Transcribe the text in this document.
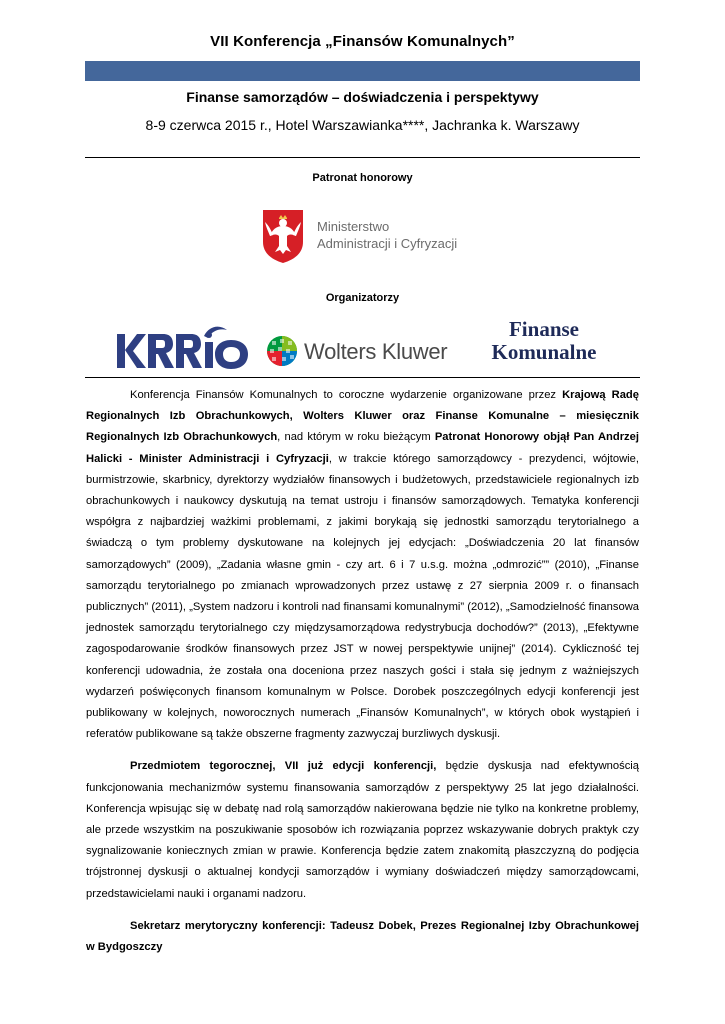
VII Konferencja „Finansów Komunalnych”
Finanse samorządów – doświadczenia i perspektywy
8-9 czerwca 2015 r., Hotel Warszawianka****, Jachranka k. Warszawy
Patronat honorowy
Ministerstwo
Administracji i Cyfryzacji
Organizatorzy
Wolters Kluwer
Finanse
Komunalne

Konferencja Finansów Komunalnych to coroczne wydarzenie organizowane przez Krajową Radę Regionalnych Izb Obrachunkowych, Wolters Kluwer oraz Finanse Komunalne – miesięcznik Regionalnych Izb Obrachunkowych, nad którym w roku bieżącym Patronat Honorowy objął Pan Andrzej Halicki - Minister Administracji i Cyfryzacji, w trakcie którego samorządowcy - prezydenci, wójtowie, burmistrzowie, skarbnicy, dyrektorzy wydziałów finansowych i budżetowych, przedstawiciele regionalnych izb obrachunkowych i naukowcy dyskutują na temat ustroju i finansów samorządowych. Tematyka konferencji współgra z najbardziej ważkimi problemami, z jakimi borykają się jednostki samorządu terytorialnego a świadczą o tym problemy dyskutowane na kolejnych jej edycjach: „Doświadczenia 20 lat finansów samorządowych” (2009), „Zadania własne gmin - czy art. 6 i 7 u.s.g. można „odmrozić”” (2010), „Finanse samorządu terytorialnego po zmianach wprowadzonych przez ustawę z 27 sierpnia 2009 r. o finansach publicznych” (2011), „System nadzoru i kontroli nad finansami komunalnymi” (2012), „Samodzielność finansowa jednostek samorządu terytorialnego czy międzysamorządowa redystrybucja dochodów?” (2013), „Efektywne zagospodarowanie środków finansowych przez JST w nowej perspektywie unijnej” (2014). Cykliczność tej konferencji udowadnia, że została ona doceniona przez naszych gości i stała się jednym z ważniejszych wydarzeń poświęconych finansom komunalnym w Polsce. Dorobek poszczególnych edycji konferencji jest publikowany w kolejnych, noworocznych numerach „Finansów Komunalnych”, w których obok wystąpień i referatów publikowane są także obszerne fragmenty zazwyczaj burzliwych dyskusji.

Przedmiotem tegorocznej, VII już edycji konferencji, będzie dyskusja nad efektywnością funkcjonowania mechanizmów systemu finansowania samorządów z perspektywy 25 lat jego działalności. Konferencja wpisując się w debatę nad rolą samorządów nakierowana będzie nie tylko na konkretne problemy, ale przede wszystkim na poszukiwanie sposobów ich rozwiązania poprzez wskazywanie dobrych praktyk czy sygnalizowanie koniecznych zmian w prawie. Konferencja będzie zatem znakomitą płaszczyzną do podjęcia trójstronnej dyskusji o aktualnej kondycji samorządów i wymiany doświadczeń między samorządowcami, przedstawicielami nauki i organami nadzoru.

Sekretarz merytoryczny konferencji: Tadeusz Dobek, Prezes Regionalnej Izby Obrachunkowej w Bydgoszczy
